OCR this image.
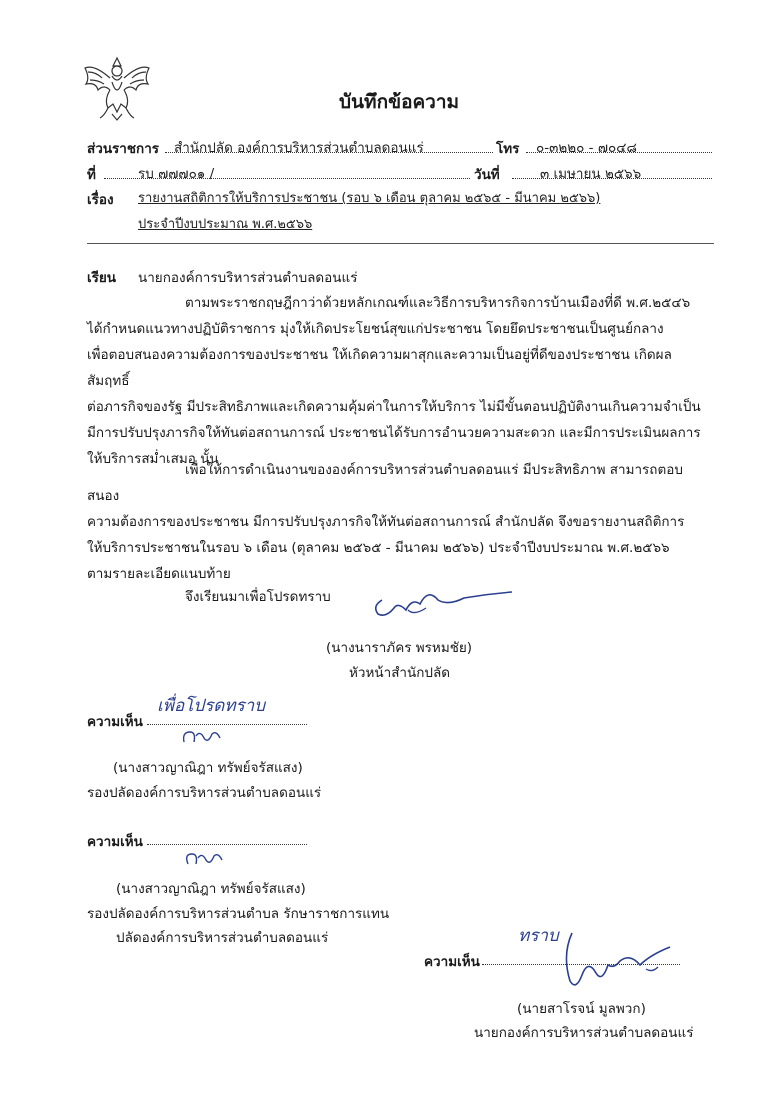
บันทึกข้อความ
ส่วนราชการ สำนักปลัด องค์การบริหารส่วนตำบลดอนแร่	โทร ๐-๓๒๒๐ - ๗๐๔๘
ที่	รบ ๗๗๗๐๑ /	วันที่	๓ เมษายน ๒๕๖๖
เรื่อง รายงานสถิติการให้บริการประชาชน (รอบ ๖ เดือน ตุลาคม ๒๕๖๕ - มีนาคม ๒๕๖๖)
ประจำปีงบประมาณ พ.ศ.๒๕๖๖
เรียน นายกองค์การบริหารส่วนตำบลดอนแร่
ตามพระราชกฤษฎีกาว่าด้วยหลักเกณฑ์และวิธีการบริหารกิจการบ้านเมืองที่ดี พ.ศ.๒๕๔๖
ได้กำหนดแนวทางปฏิบัติราชการ มุ่งให้เกิดประโยชน์สุขแก่ประชาชน โดยยึดประชาชนเป็นศูนย์กลาง
เพื่อตอบสนองความต้องการของประชาชน ให้เกิดความผาสุกและความเป็นอยู่ที่ดีของประชาชน เกิดผลสัมฤทธิ์
ต่อภารกิจของรัฐ มีประสิทธิภาพและเกิดความคุ้มค่าในการให้บริการ ไม่มีขั้นตอนปฏิบัติงานเกินความจำเป็น
มีการปรับปรุงภารกิจให้ทันต่อสถานการณ์ ประชาชนได้รับการอำนวยความสะดวก และมีการประเมินผลการ
ให้บริการสม่ำเสมอ นั้น
เพื่อให้การดำเนินงานขององค์การบริหารส่วนตำบลดอนแร่ มีประสิทธิภาพ สามารถตอบสนอง
ความต้องการของประชาชน มีการปรับปรุงภารกิจให้ทันต่อสถานการณ์ สำนักปลัด จึงขอรายงานสถิติการ
ให้บริการประชาชนในรอบ ๖ เดือน (ตุลาคม ๒๕๖๕ - มีนาคม ๒๕๖๖) ประจำปีงบประมาณ พ.ศ.๒๕๖๖
ตามรายละเอียดแนบท้าย
จึงเรียนมาเพื่อโปรดทราบ
(นางนาราภัคร พรหมชัย)
หัวหน้าสำนักปลัด
ความเห็น
เพื่อโปรดทราบ
(นางสาวญาณิฎา ทรัพย์จรัสแสง)
รองปลัดองค์การบริหารส่วนตำบลดอนแร่
ความเห็น
(นางสาวญาณิฎา ทรัพย์จรัสแสง)
รองปลัดองค์การบริหารส่วนตำบล รักษาราชการแทน
ปลัดองค์การบริหารส่วนตำบลดอนแร่
ความเห็น
ทราบ
(นายสาโรจน์ มูลพวก)
นายกองค์การบริหารส่วนตำบลดอนแร่
